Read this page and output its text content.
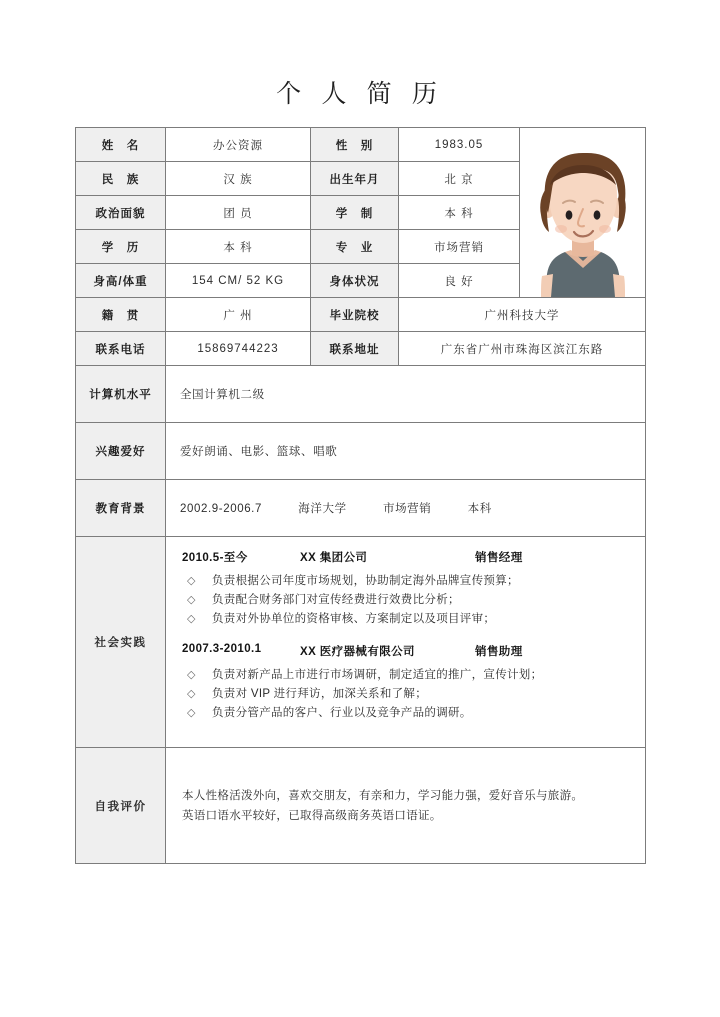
个 人 简 历
姓　名	办公资源	性　别	1983.05	

民　族	汉 族	出生年月	北 京	
政治面貌	团 员	学　制	本 科	
学　历	本 科	专　业	市场营销	
身高/体重	154 CM/ 52 KG	身体状况	良 好	
籍　贯	广 州	毕业院校	广州科技大学	
联系电话	15869744223	联系地址	广东省广州市珠海区滨江东路	
计算机水平	全国计算机二级			
兴趣爱好	爱好朗诵、电影、篮球、唱歌			
教育背景	2002.9-2006.7　　　海洋大学　　　市场营销　　　本科			
社会实践	
2010.5-至今	XX 集团公司	销售经理
◇ 负责根据公司年度市场规划，协助制定海外品牌宣传预算；
◇ 负责配合财务部门对宣传经费进行效费比分析；
◇ 负责对外协单位的资格审核、方案制定以及项目评审；
2007.3-2010.1	XX 医疗器械有限公司	销售助理
◇ 负责对新产品上市进行市场调研，制定适宜的推广，宣传计划；
◇ 负责对 VIP 进行拜访，加深关系和了解；
◇ 负责分管产品的客户、行业以及竞争产品的调研。

自我评价	本人性格活泼外向，喜欢交朋友，有亲和力，学习能力强，爱好音乐与旅游。

英语口语水平较好，已取得高级商务英语口语证。			
